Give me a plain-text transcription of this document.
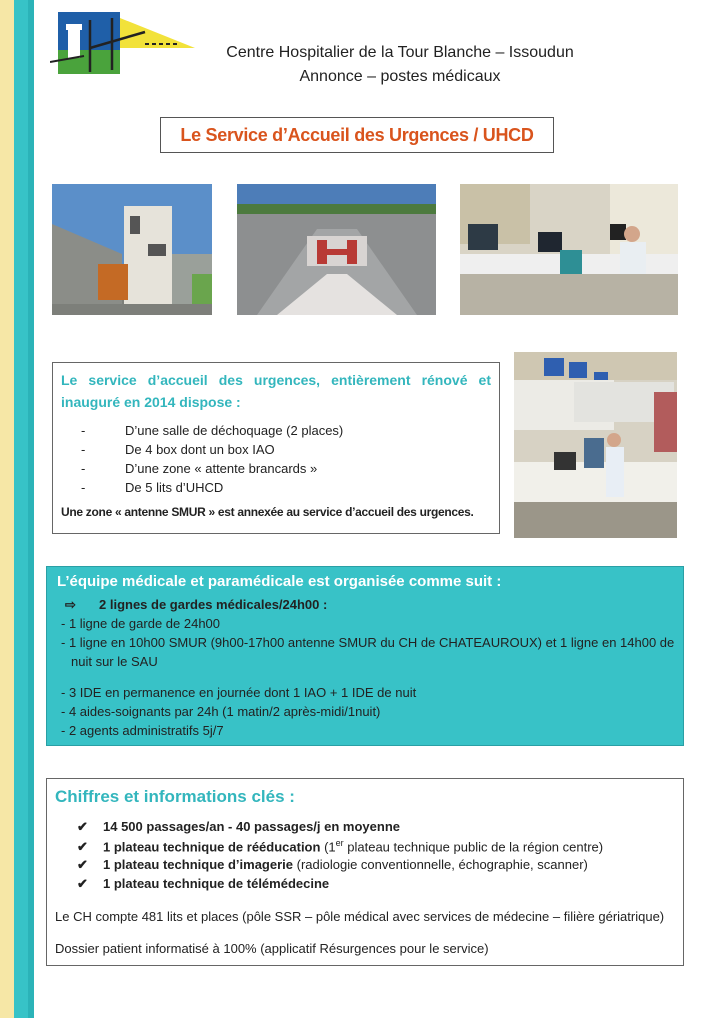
Centre Hospitalier de la Tour Blanche – Issoudun
Annonce – postes médicaux
Le Service d’Accueil des Urgences / UHCD
Le service d’accueil des urgences, entièrement rénové et inauguré en 2014 dispose :
-	D’une salle de déchoquage (2 places)
-	De 4 box dont un box IAO
-	D’une zone « attente brancards »
-	De 5 lits d’UHCD
Une zone « antenne SMUR » est annexée au service d’accueil des urgences.
L’équipe médicale et paramédicale est organisée comme suit :
⇨ 2 lignes de gardes médicales/24h00 :
- 1 ligne de garde de 24h00
- 1 ligne en 10h00 SMUR (9h00-17h00 antenne SMUR du CH de CHATEAUROUX) et 1 ligne en 14h00 de
nuit sur le SAU
- 3 IDE en permanence en journée dont 1 IAO + 1 IDE de nuit
- 4 aides-soignants par 24h (1 matin/2 après-midi/1nuit)
- 2 agents administratifs 5j/7
Chiffres et informations clés :
✔ 14 500 passages/an - 40 passages/j en moyenne
✔ 1 plateau technique de rééducation (1er plateau technique public de la région centre)
✔ 1 plateau technique d’imagerie (radiologie conventionnelle, échographie, scanner)
✔ 1 plateau technique de télémédecine
Le CH compte 481 lits et places (pôle SSR – pôle médical avec services de médecine – filière gériatrique)
Dossier patient informatisé à 100% (applicatif Résurgences pour le service)
